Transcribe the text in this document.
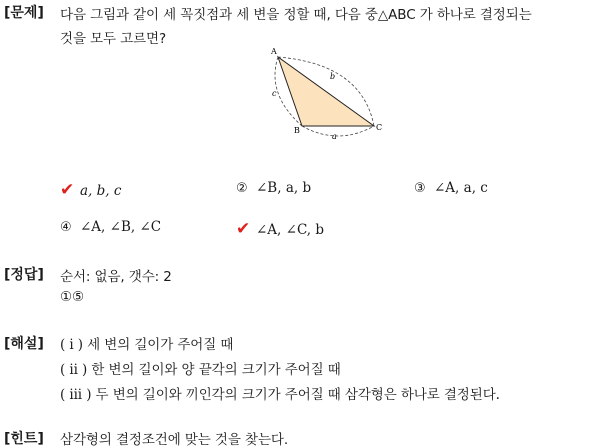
[문제] 다음 그림과 같이 세 꼭짓점과 세 변을 정할 때, 다음 중△ABC 가 하나로 결정되는
것을 모두 고르면?
A
B	C
a
b
c
✔ a, b, c	② ∠B, a, b	③ ∠A, a, c
④ ∠A, ∠B, ∠C	✔ ∠A, ∠C, b
[정답] 순서: 없음, 갯수: 2
①⑤
[해설] ( i ) 세 변의 길이가 주어질 때
( ii ) 한 변의 길이와 양 끝각의 크기가 주어질 때
( iii ) 두 변의 길이와 끼인각의 크기가 주어질 때 삼각형은 하나로 결정된다.
[힌트] 삼각형의 결정조건에 맞는 것을 찾는다.
